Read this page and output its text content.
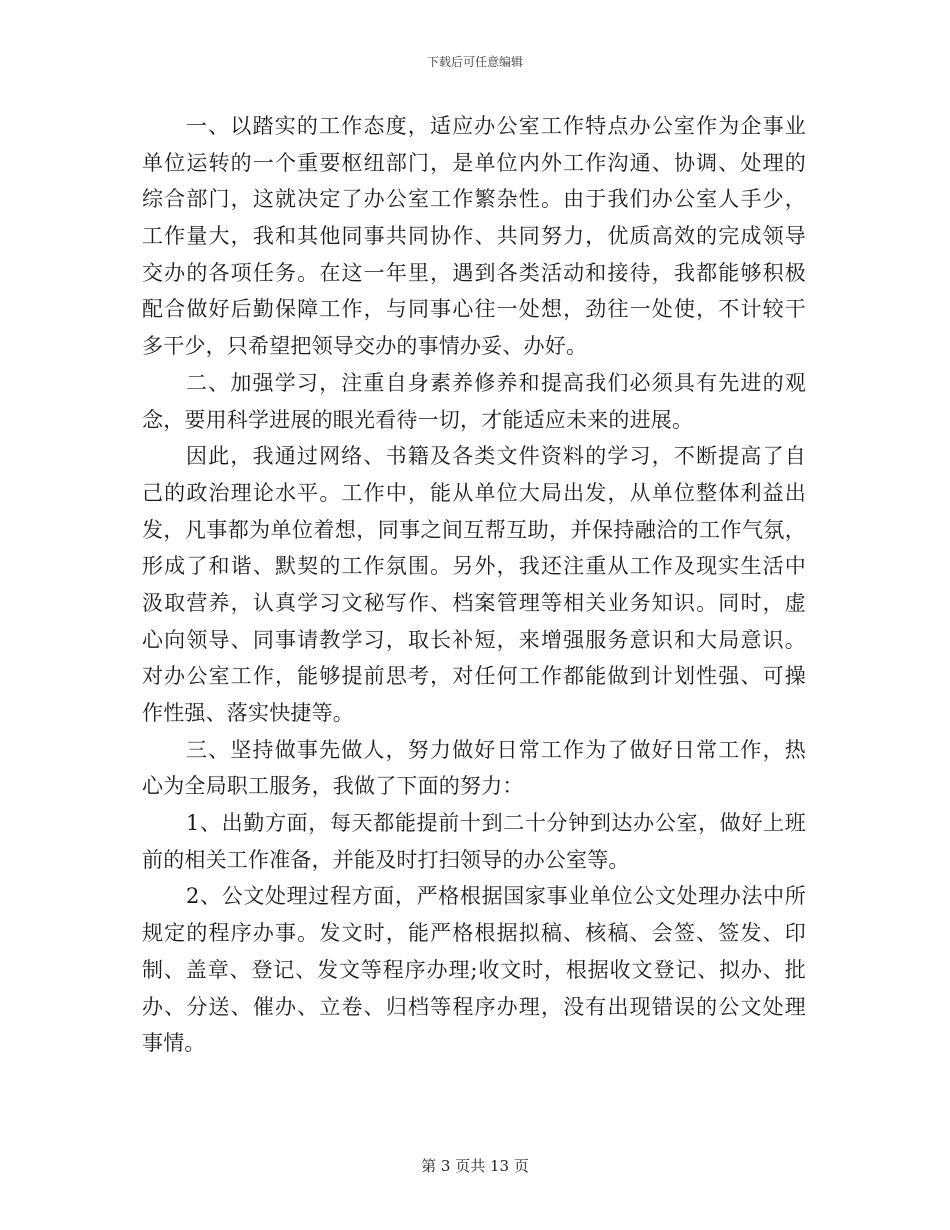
下载后可任意编辑
一、以踏实的工作态度，适应办公室工作特点办公室作为企事业
单位运转的一个重要枢纽部门，是单位内外工作沟通、协调、处理的
综合部门，这就决定了办公室工作繁杂性。由于我们办公室人手少，
工作量大，我和其他同事共同协作、共同努力，优质高效的完成领导
交办的各项任务。在这一年里，遇到各类活动和接待，我都能够积极
配合做好后勤保障工作，与同事心往一处想，劲往一处使，不计较干
多干少，只希望把领导交办的事情办妥、办好。
二、加强学习，注重自身素养修养和提高我们必须具有先进的观
念，要用科学进展的眼光看待一切，才能适应未来的进展。
因此，我通过网络、书籍及各类文件资料的学习，不断提高了自
己的政治理论水平。工作中，能从单位大局出发，从单位整体利益出
发，凡事都为单位着想，同事之间互帮互助，并保持融洽的工作气氛，
形成了和谐、默契的工作氛围。另外，我还注重从工作及现实生活中
汲取营养，认真学习文秘写作、档案管理等相关业务知识。同时，虚
心向领导、同事请教学习，取长补短，来增强服务意识和大局意识。
对办公室工作，能够提前思考，对任何工作都能做到计划性强、可操
作性强、落实快捷等。
三、坚持做事先做人，努力做好日常工作为了做好日常工作，热
心为全局职工服务，我做了下面的努力：
1、出勤方面，每天都能提前十到二十分钟到达办公室，做好上班
前的相关工作准备，并能及时打扫领导的办公室等。
2、公文处理过程方面，严格根据国家事业单位公文处理办法中所
规定的程序办事。发文时，能严格根据拟稿、核稿、会签、签发、印
制、盖章、登记、发文等程序办理;收文时，根据收文登记、拟办、批
办、分送、催办、立卷、归档等程序办理，没有出现错误的公文处理
事情。
第 3 页共 13 页
